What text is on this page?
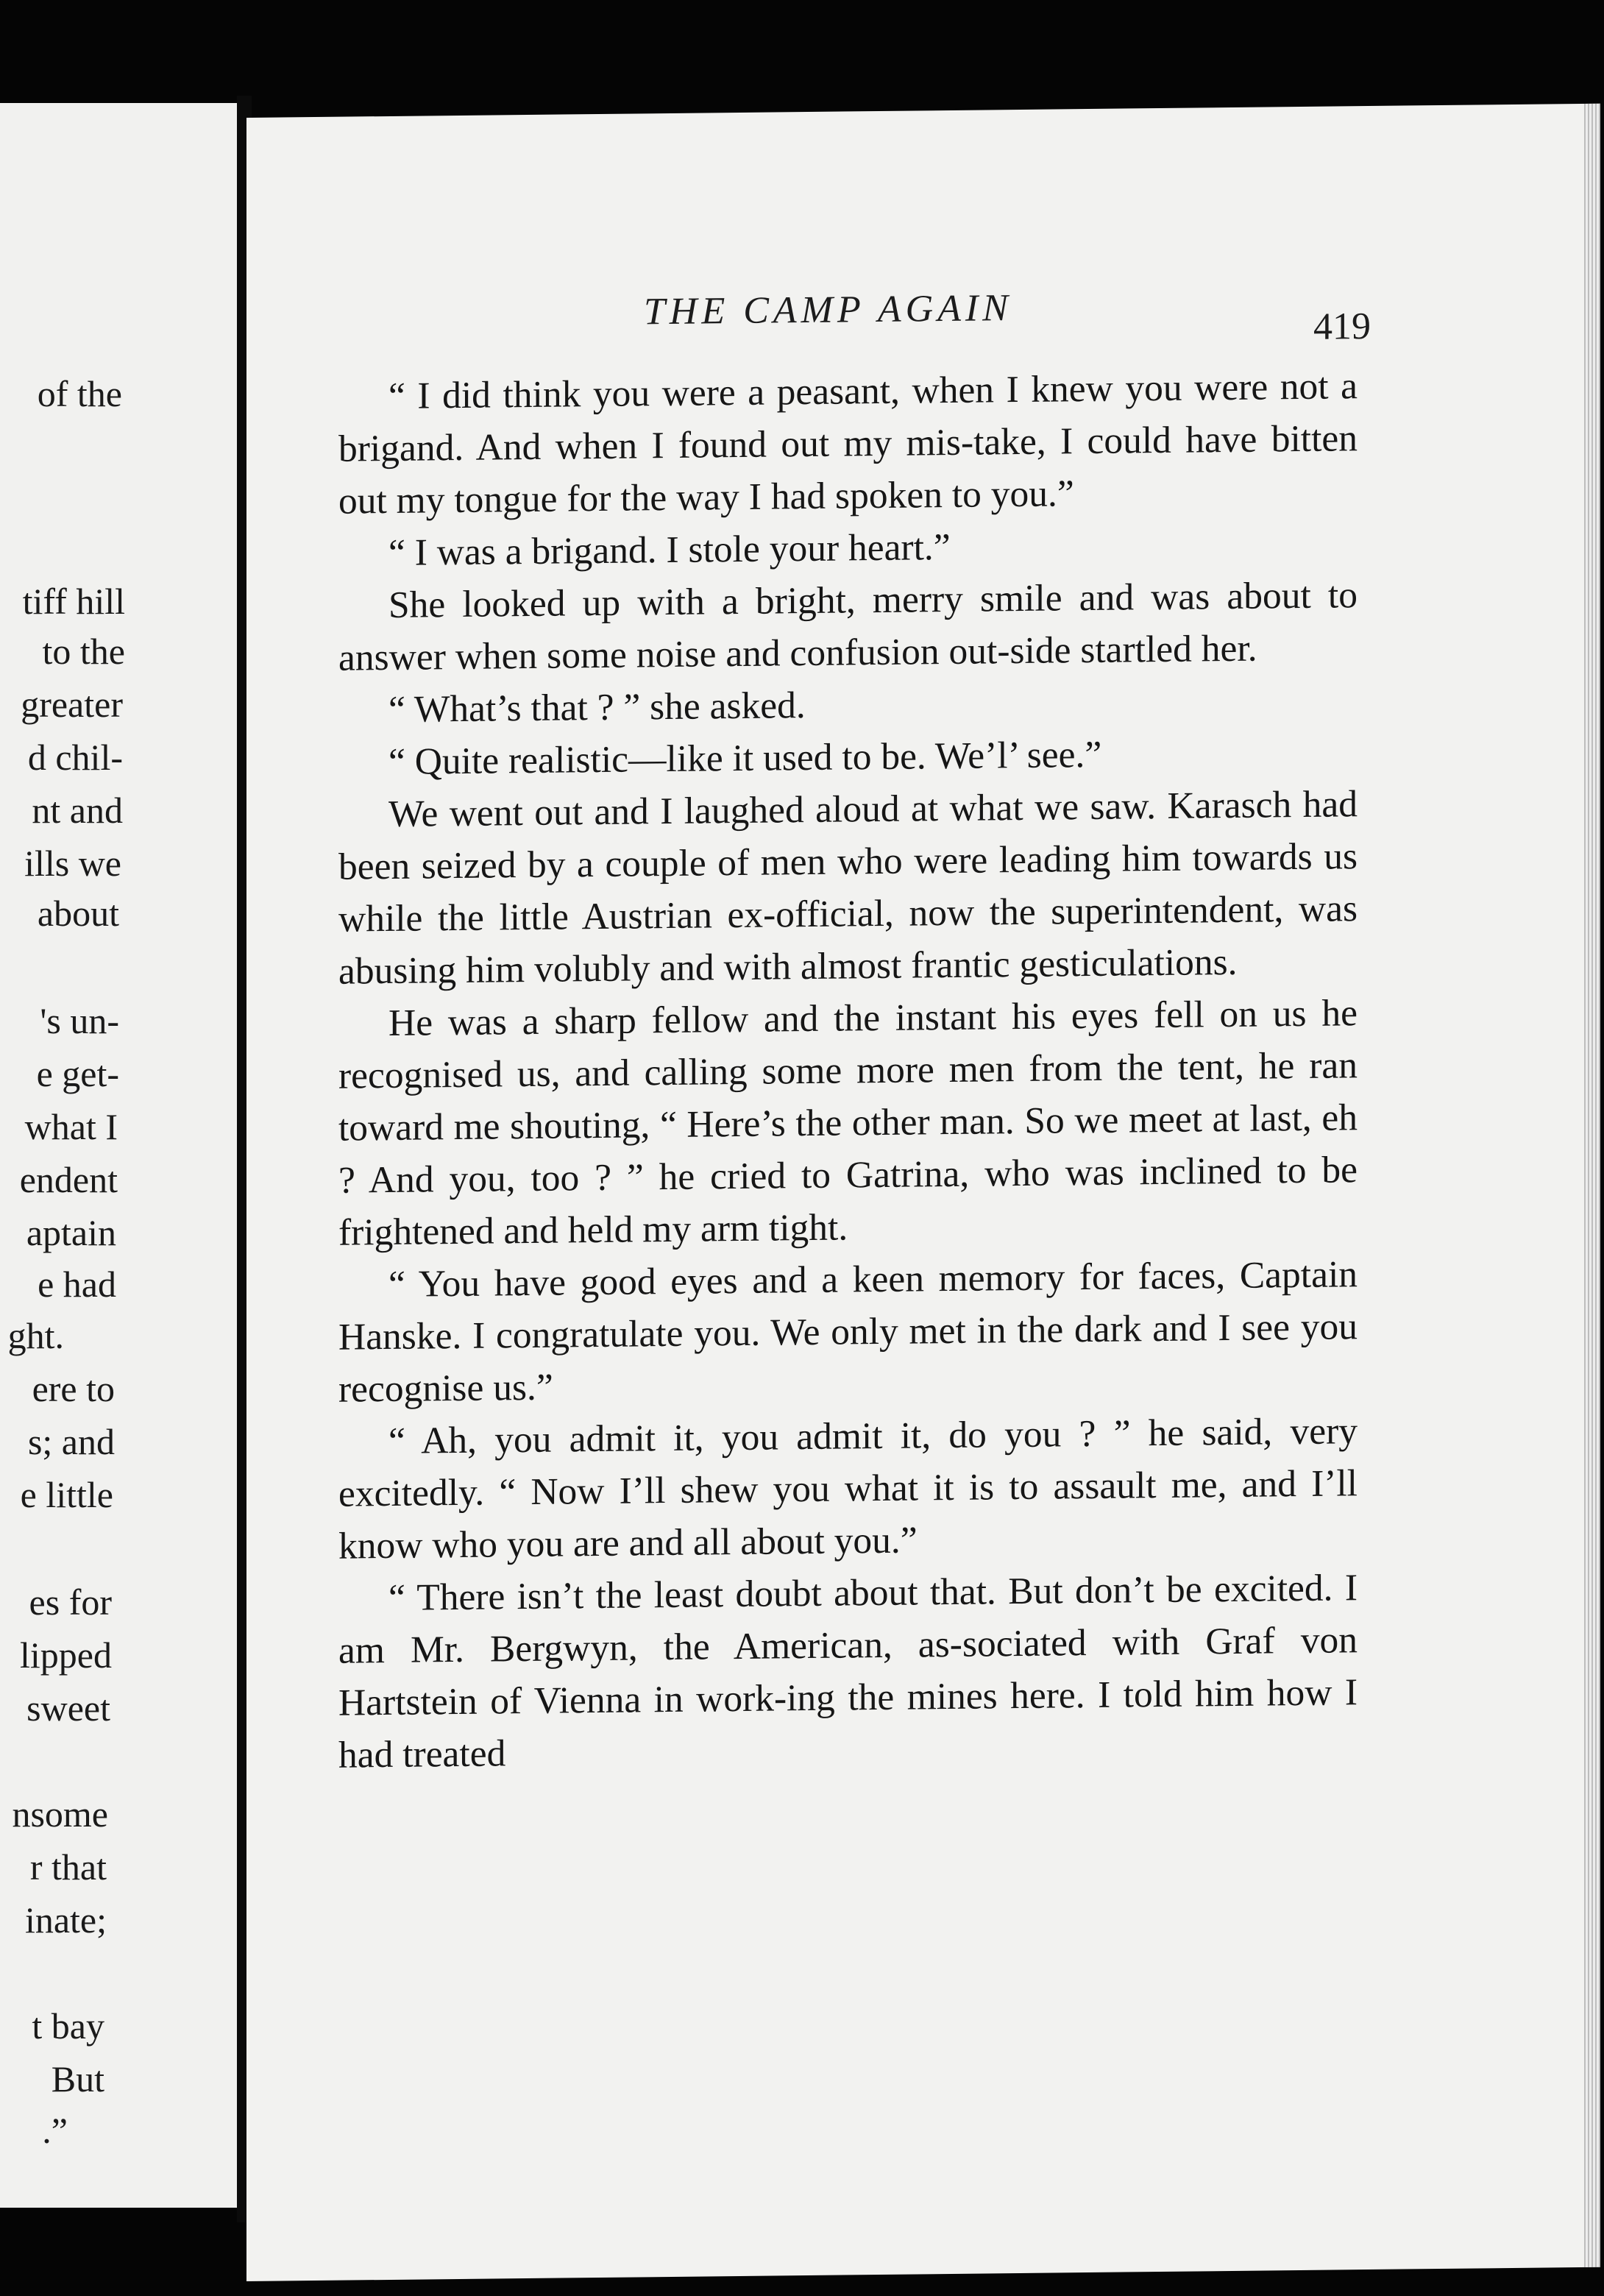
of the
tiff hill
to the
greater
d chil-
nt and
ills we
about
's un-
e get-
what I
endent
aptain
e had
ght.
ere to
s; and
e little
es for
lipped
sweet
nsome
r that
inate;
t bay
But
.”
THE CAMP AGAIN	419

“ I did think you were a peasant, when I knew you were not a brigand. And when I found out my mis-take, I could have bitten out my tongue for the way I had spoken to you.”

“ I was a brigand. I stole your heart.”

She looked up with a bright, merry smile and was about to answer when some noise and confusion out-side startled her.

“ What’s that ? ” she asked.

“ Quite realistic—like it used to be. We’l’ see.”

We went out and I laughed aloud at what we saw. Karasch had been seized by a couple of men who were leading him towards us while the little Austrian ex-official, now the superintendent, was abusing him volubly and with almost frantic gesticulations.

He was a sharp fellow and the instant his eyes fell on us he recognised us, and calling some more men from the tent, he ran toward me shouting, “ Here’s the other man. So we meet at last, eh ? And you, too ? ” he cried to Gatrina, who was inclined to be frightened and held my arm tight.

“ You have good eyes and a keen memory for faces, Captain Hanske. I congratulate you. We only met in the dark and I see you recognise us.”

“ Ah, you admit it, you admit it, do you ? ” he said, very excitedly. “ Now I’ll shew you what it is to assault me, and I’ll know who you are and all about you.”

“ There isn’t the least doubt about that. But don’t be excited. I am Mr. Bergwyn, the American, as-sociated with Graf von Hartstein of Vienna in work-ing the mines here. I told him how I had treated
